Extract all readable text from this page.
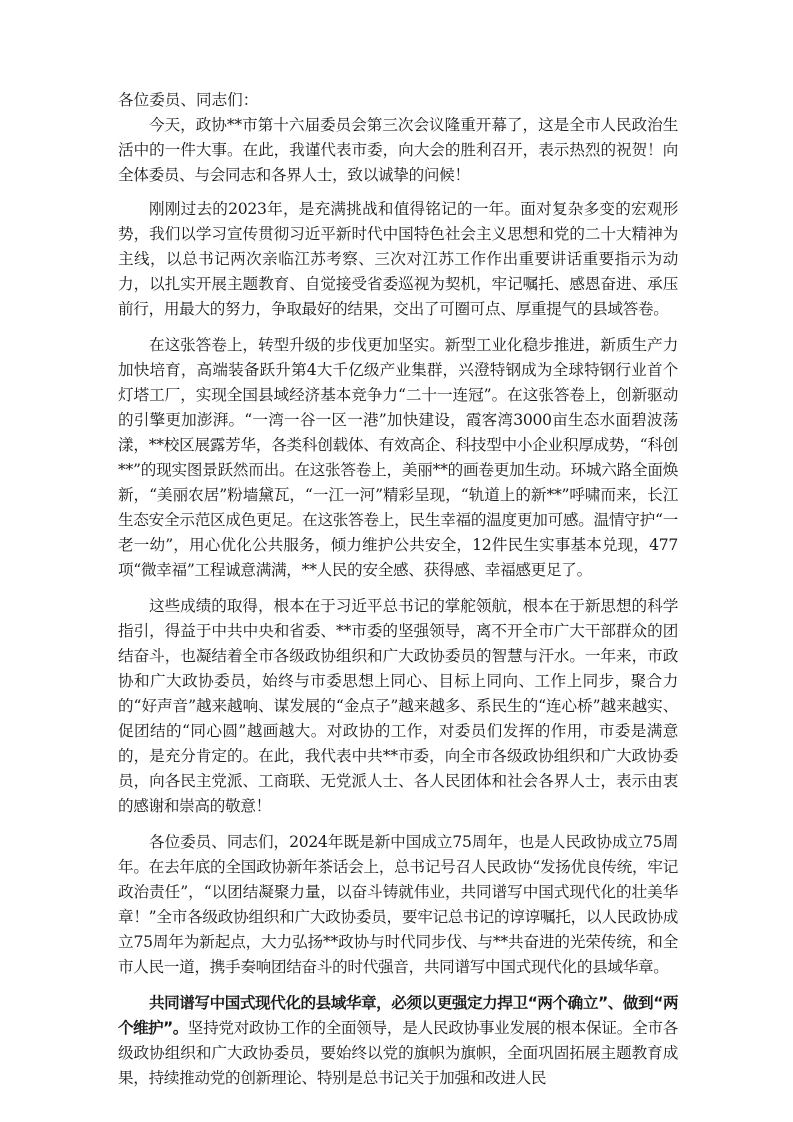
各位委员、同志们：

今天，政协**市第十六届委员会第三次会议隆重开幕了，这是全市人民政治生活中的一件大事。在此，我谨代表市委，向大会的胜利召开，表示热烈的祝贺！向全体委员、与会同志和各界人士，致以诚挚的问候！

刚刚过去的2023年，是充满挑战和值得铭记的一年。面对复杂多变的宏观形势，我们以学习宣传贯彻习近平新时代中国特色社会主义思想和党的二十大精神为主线，以总书记两次亲临江苏考察、三次对江苏工作作出重要讲话重要指示为动力，以扎实开展主题教育、自觉接受省委巡视为契机，牢记嘱托、感恩奋进、承压前行，用最大的努力，争取最好的结果，交出了可圈可点、厚重提气的县域答卷。

在这张答卷上，转型升级的步伐更加坚实。新型工业化稳步推进，新质生产力加快培育，高端装备跃升第4大千亿级产业集群，兴澄特钢成为全球特钢行业首个灯塔工厂，实现全国县域经济基本竞争力“二十一连冠”。在这张答卷上，创新驱动的引擎更加澎湃。“一湾一谷一区一港”加快建设，霞客湾3000亩生态水面碧波荡漾，**校区展露芳华，各类科创载体、有效高企、科技型中小企业积厚成势，“科创**”的现实图景跃然而出。在这张答卷上，美丽**的画卷更加生动。环城六路全面焕新，“美丽农居”粉墙黛瓦，“一江一河”精彩呈现，“轨道上的新**”呼啸而来，长江生态安全示范区成色更足。在这张答卷上，民生幸福的温度更加可感。温情守护“一老一幼”，用心优化公共服务，倾力维护公共安全，12件民生实事基本兑现，477项“微幸福”工程诚意满满，**人民的安全感、获得感、幸福感更足了。

这些成绩的取得，根本在于习近平总书记的掌舵领航，根本在于新思想的科学指引，得益于中共中央和省委、**市委的坚强领导，离不开全市广大干部群众的团结奋斗，也凝结着全市各级政协组织和广大政协委员的智慧与汗水。一年来，市政协和广大政协委员，始终与市委思想上同心、目标上同向、工作上同步，聚合力的“好声音”越来越响、谋发展的“金点子”越来越多、系民生的“连心桥”越来越实、促团结的“同心圆”越画越大。对政协的工作，对委员们发挥的作用，市委是满意的，是充分肯定的。在此，我代表中共**市委，向全市各级政协组织和广大政协委员，向各民主党派、工商联、无党派人士、各人民团体和社会各界人士，表示由衷的感谢和崇高的敬意！

各位委员、同志们，2024年既是新中国成立75周年，也是人民政协成立75周年。在去年底的全国政协新年茶话会上，总书记号召人民政协“发扬优良传统，牢记政治责任”，“以团结凝聚力量，以奋斗铸就伟业，共同谱写中国式现代化的壮美华章！”全市各级政协组织和广大政协委员，要牢记总书记的谆谆嘱托，以人民政协成立75周年为新起点，大力弘扬**政协与时代同步伐、与**共奋进的光荣传统，和全市人民一道，携手奏响团结奋斗的时代强音，共同谱写中国式现代化的县域华章。

共同谱写中国式现代化的县域华章，必须以更强定力捍卫“两个确立”、做到“两个维护”。坚持党对政协工作的全面领导，是人民政协事业发展的根本保证。全市各级政协组织和广大政协委员，要始终以党的旗帜为旗帜，全面巩固拓展主题教育成果，持续推动党的创新理论、特别是总书记关于加强和改进人民
